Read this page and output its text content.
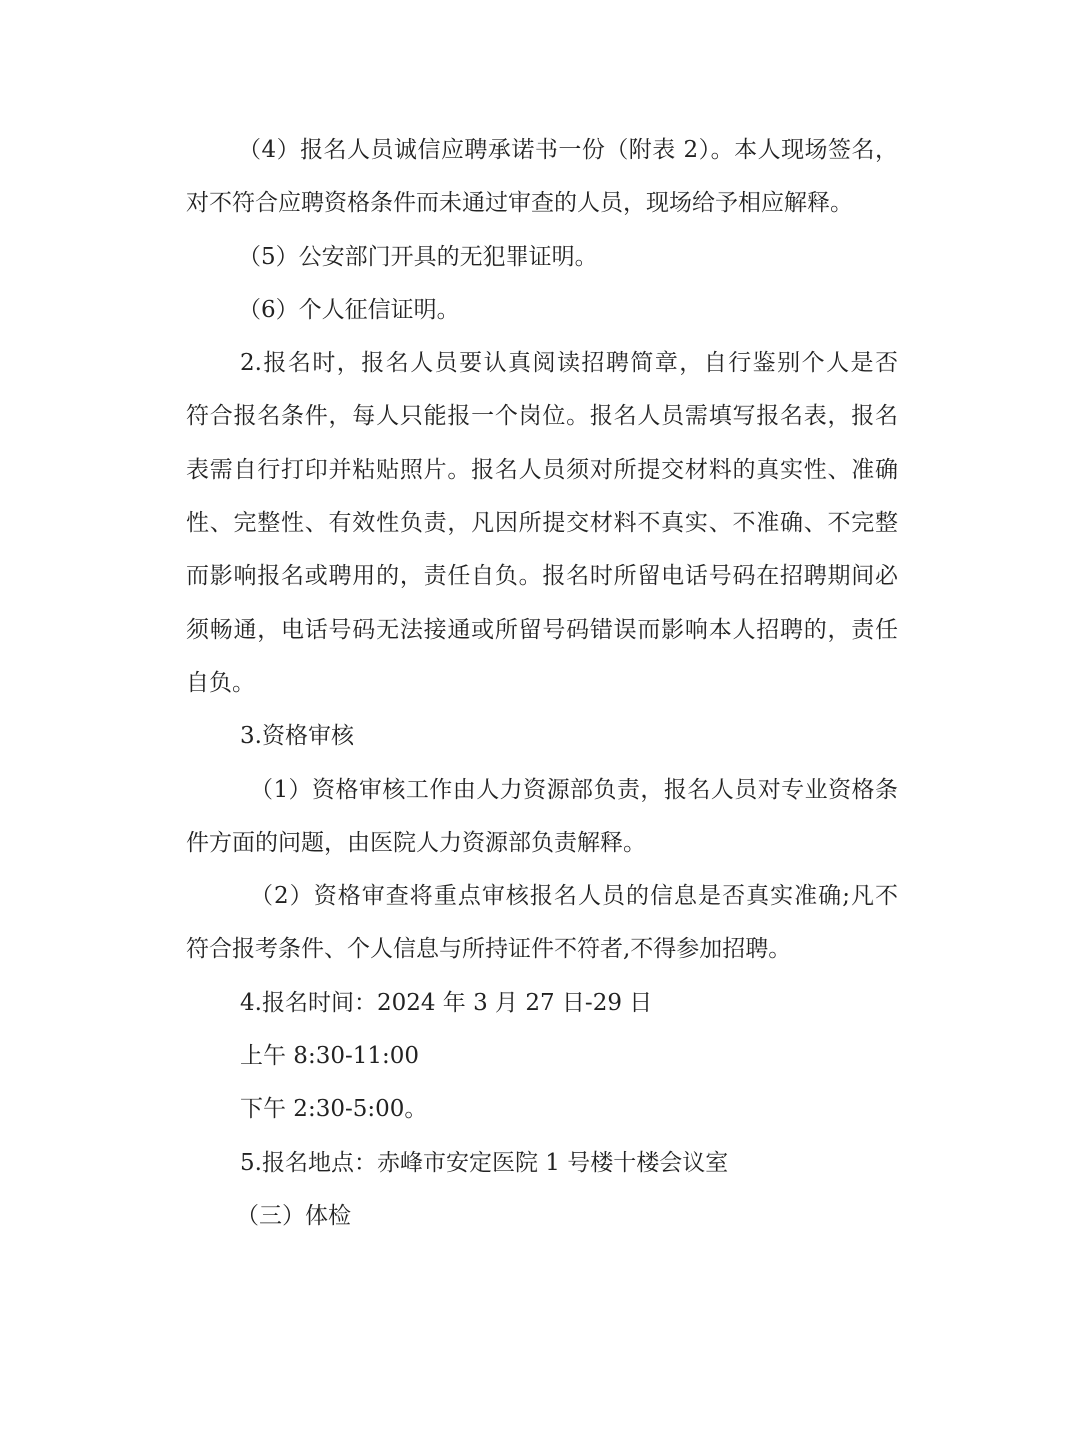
（4）报名人员诚信应聘承诺书一份（附表 2）。本人现场签名，
对不符合应聘资格条件而未通过审查的人员，现场给予相应解释。
（5）公安部门开具的无犯罪证明。
（6）个人征信证明。
2.报名时，报名人员要认真阅读招聘简章，自行鉴别个人是否
符合报名条件，每人只能报一个岗位。报名人员需填写报名表，报名
表需自行打印并粘贴照片。报名人员须对所提交材料的真实性、准确
性、完整性、有效性负责，凡因所提交材料不真实、不准确、不完整
而影响报名或聘用的，责任自负。报名时所留电话号码在招聘期间必
须畅通，电话号码无法接通或所留号码错误而影响本人招聘的，责任
自负。
3.资格审核
（1）资格审核工作由人力资源部负责，报名人员对专业资格条
件方面的问题，由医院人力资源部负责解释。
（2）资格审查将重点审核报名人员的信息是否真实准确;凡不
符合报考条件、个人信息与所持证件不符者,不得参加招聘。
4.报名时间：2024 年 3 月 27 日-29 日
上午 8:30-11:00
下午 2:30-5:00。
5.报名地点：赤峰市安定医院 1 号楼十楼会议室
（三）体检
